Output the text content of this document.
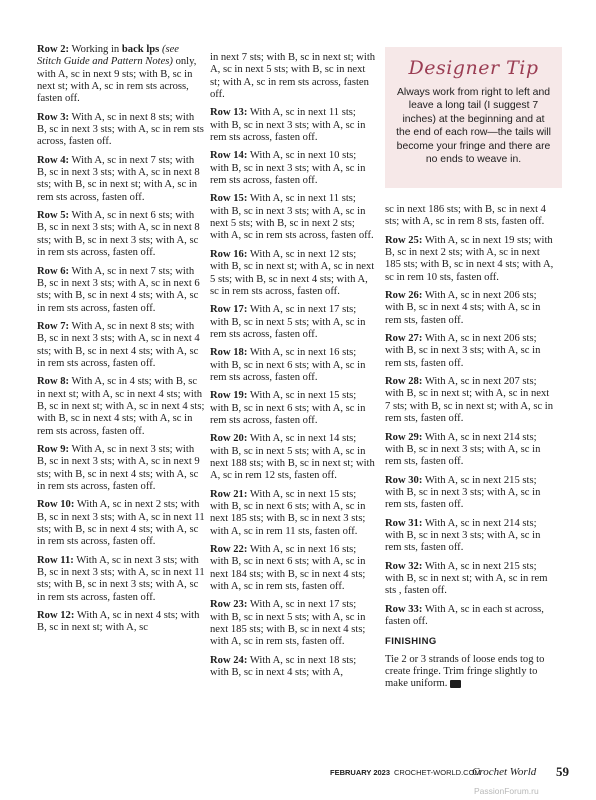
Row 2: Working in back lps (see Stitch Guide and Pattern Notes) only, with A, sc in next 9 sts; with B, sc in next st; with A, sc in rem sts across, fasten off.

Row 3: With A, sc in next 8 sts; with B, sc in next 3 sts; with A, sc in rem sts across, fasten off.

Row 4: With A, sc in next 7 sts; with B, sc in next 3 sts; with A, sc in next 8 sts; with B, sc in next st; with A, sc in rem sts across, fasten off.

Row 5: With A, sc in next 6 sts; with B, sc in next 3 sts; with A, sc in next 8 sts; with B, sc in next 3 sts; with A, sc in rem sts across, fasten off.

Row 6: With A, sc in next 7 sts; with B, sc in next 3 sts; with A, sc in next 6 sts; with B, sc in next 4 sts; with A, sc in rem sts across, fasten off.

Row 7: With A, sc in next 8 sts; with B, sc in next 3 sts; with A, sc in next 4 sts; with B, sc in next 4 sts; with A, sc in rem sts across, fasten off.

Row 8: With A, sc in 4 sts; with B, sc in next st; with A, sc in next 4 sts; with B, sc in next st; with A, sc in next 4 sts; with B, sc in next 4 sts; with A, sc in rem sts across, fasten off.

Row 9: With A, sc in next 3 sts; with B, sc in next 3 sts; with A, sc in next 9 sts; with B, sc in next 4 sts; with A, sc in rem sts across, fasten off.

Row 10: With A, sc in next 2 sts; with B, sc in next 3 sts; with A, sc in next 11 sts; with B, sc in next 4 sts; with A, sc in rem sts across, fasten off.

Row 11: With A, sc in next 3 sts; with B, sc in next 3 sts; with A, sc in next 11 sts; with B, sc in next 3 sts; with A, sc in rem sts across, fasten off.

Row 12: With A, sc in next 4 sts; with B, sc in next st; with A, sc

in next 7 sts; with B, sc in next st; with A, sc in next 5 sts; with B, sc in next st; with A, sc in rem sts across, fasten off.

Row 13: With A, sc in next 11 sts; with B, sc in next 3 sts; with A, sc in rem sts across, fasten off.

Row 14: With A, sc in next 10 sts; with B, sc in next 3 sts; with A, sc in rem sts across, fasten off.

Row 15: With A, sc in next 11 sts; with B, sc in next 3 sts; with A, sc in next 5 sts; with B, sc in next 2 sts; with A, sc in rem sts across, fasten off.

Row 16: With A, sc in next 12 sts; with B, sc in next st; with A, sc in next 5 sts; with B, sc in next 4 sts; with A, sc in rem sts across, fasten off.

Row 17: With A, sc in next 17 sts; with B, sc in next 5 sts; with A, sc in rem sts across, fasten off.

Row 18: With A, sc in next 16 sts; with B, sc in next 6 sts; with A, sc in rem sts across, fasten off.

Row 19: With A, sc in next 15 sts; with B, sc in next 6 sts; with A, sc in rem sts across, fasten off.

Row 20: With A, sc in next 14 sts; with B, sc in next 5 sts; with A, sc in next 188 sts; with B, sc in next st; with A, sc in rem 12 sts, fasten off.

Row 21: With A, sc in next 15 sts; with B, sc in next 6 sts; with A, sc in next 185 sts; with B, sc in next 3 sts; with A, sc in rem 11 sts, fasten off.

Row 22: With A, sc in next 16 sts; with B, sc in next 6 sts; with A, sc in next 184 sts; with B, sc in next 4 sts; with A, sc in rem sts, fasten off.

Row 23: With A, sc in next 17 sts; with B, sc in next 5 sts; with A, sc in next 185 sts; with B, sc in next 4 sts; with A, sc in rem sts, fasten off.

Row 24: With A, sc in next 18 sts; with B, sc in next 4 sts; with A,

Designer Tip
Always work from right to left and leave a long tail (I suggest 7 inches) at the beginning and at the end of each row—the tails will become your fringe and there are no ends to weave in.

sc in next 186 sts; with B, sc in next 4 sts; with A, sc in rem 8 sts, fasten off.

Row 25: With A, sc in next 19 sts; with B, sc in next 2 sts; with A, sc in next 185 sts; with B, sc in next 4 sts; with A, sc in rem 10 sts, fasten off.

Row 26: With A, sc in next 206 sts; with B, sc in next 4 sts; with A, sc in rem sts, fasten off.

Row 27: With A, sc in next 206 sts; with B, sc in next 3 sts; with A, sc in rem sts, fasten off.

Row 28: With A, sc in next 207 sts; with B, sc in next st; with A, sc in next 7 sts; with B, sc in next st; with A, sc in rem sts, fasten off.

Row 29: With A, sc in next 214 sts; with B, sc in next 3 sts; with A, sc in rem sts, fasten off.

Row 30: With A, sc in next 215 sts; with B, sc in next 3 sts; with A, sc in rem sts, fasten off.

Row 31: With A, sc in next 214 sts; with B, sc in next 3 sts; with A, sc in rem sts, fasten off.

Row 32: With A, sc in next 215 sts; with B, sc in next st; with A, sc in rem sts , fasten off.

Row 33: With A, sc in each st across, fasten off.

FINISHING

Tie 2 or 3 strands of loose ends tog to create fringe. Trim fringe slightly to make uniform.

FEBRUARY 2023 CROCHET-WORLD.COM
Crochet World 59
PassionForum.ru
